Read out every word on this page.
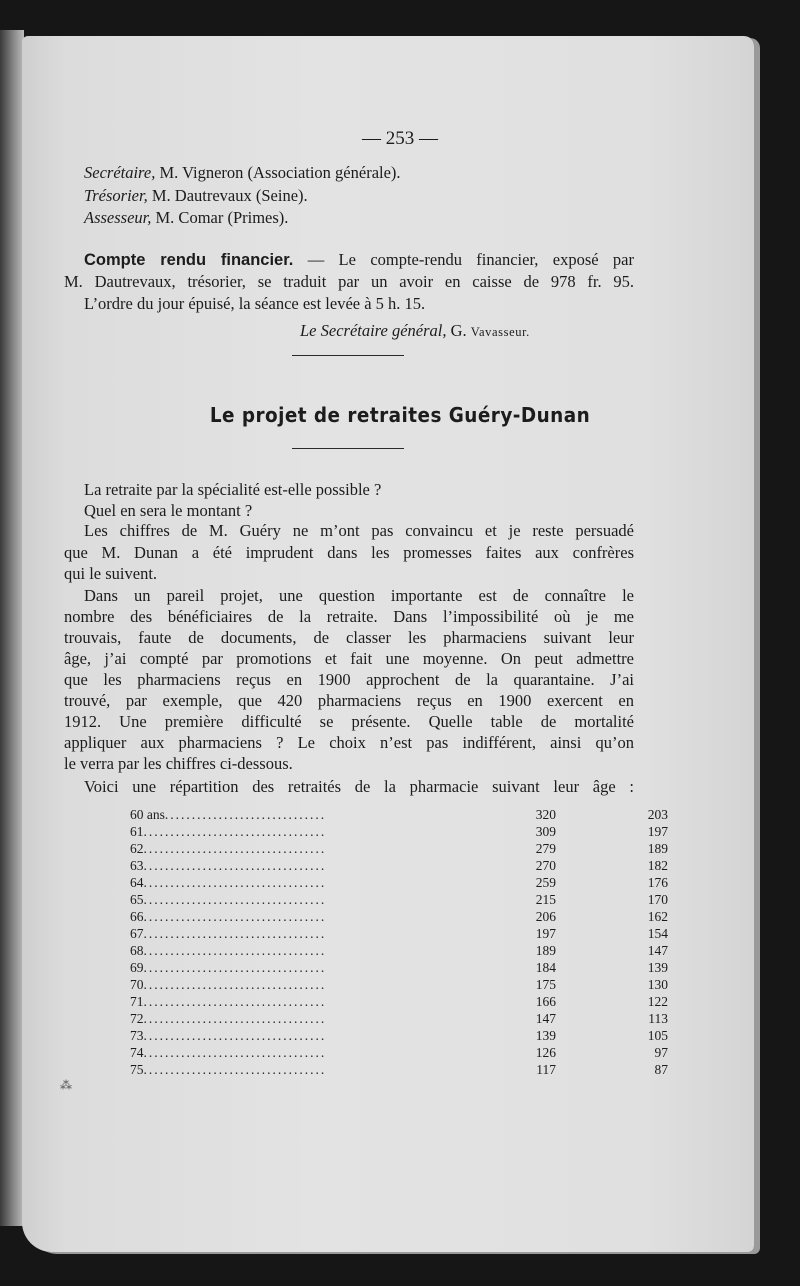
— 253 —
Secrétaire, M. Vigneron (Association générale).
Trésorier, M. Dautrevaux (Seine).
Assesseur, M. Comar (Primes).
Compte rendu financier. — Le compte-rendu financier, exposé par
M. Dautrevaux, trésorier, se traduit par un avoir en caisse de 978 fr. 95.
L’ordre du jour épuisé, la séance est levée à 5 h. 15.
Le Secrétaire général, G. Vavasseur.
Le projet de retraites Guéry-Dunan
La retraite par la spécialité est-elle possible ?
Quel en sera le montant ?
Les chiffres de M. Guéry ne m’ont pas convaincu et je reste persuadé
que M. Dunan a été imprudent dans les promesses faites aux confrères
qui le suivent.
Dans un pareil projet, une question importante est de connaître le
nombre des bénéficiaires de la retraite. Dans l’impossibilité où je me
trouvais, faute de documents, de classer les pharmaciens suivant leur
âge, j’ai compté par promotions et fait une moyenne. On peut admettre
que les pharmaciens reçus en 1900 approchent de la quarantaine. J’ai
trouvé, par exemple, que 420 pharmaciens reçus en 1900 exercent en
1912. Une première difficulté se présente. Quelle table de mortalité
appliquer aux pharmaciens ? Le choix n’est pas indifférent, ainsi qu’on
le verra par les chiffres ci-dessous.
Voici une répartition des retraités de la pharmacie suivant leur âge :
60 ans..............................	320	203
61..................................	309	197
62..................................	279	189
63..................................	270	182
64..................................	259	176
65..................................	215	170
66..................................	206	162
67..................................	197	154
68..................................	189	147
69..................................	184	139
70..................................	175	130
71..................................	166	122
72..................................	147	113
73..................................	139	105
74..................................	126	97
75..................................	117	87
⁂
